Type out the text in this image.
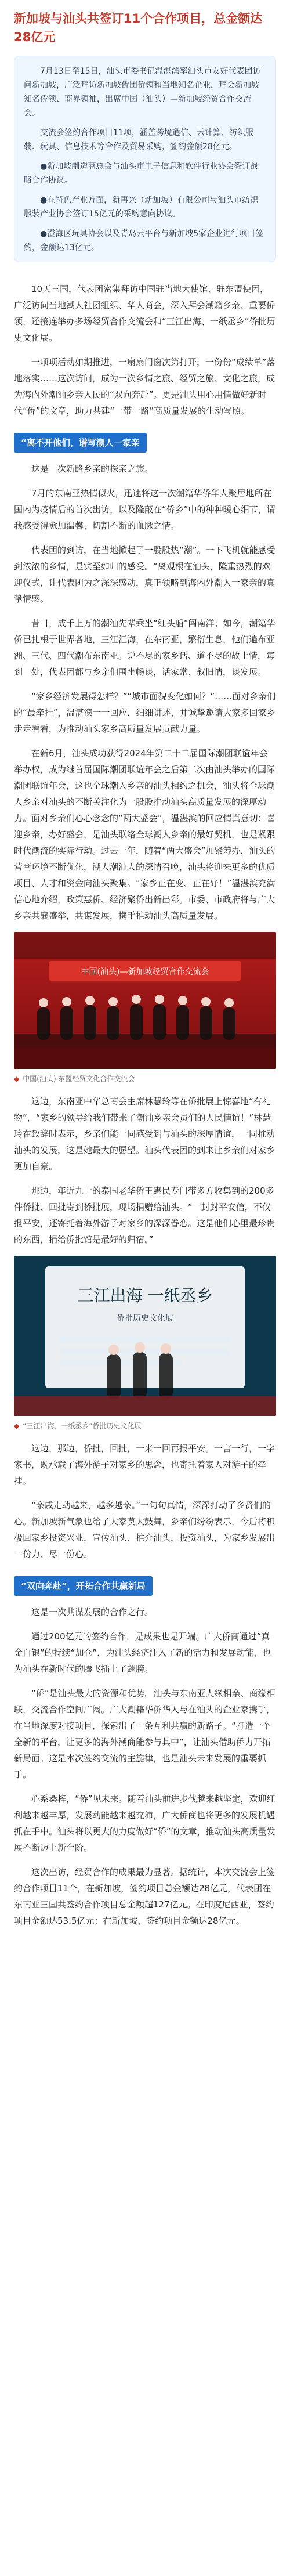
新加坡与汕头共签订11个合作项目，总金额达28亿元

7月13日至15日，汕头市委书记温湛滨率汕头市友好代表团访问新加坡，广泛拜访新加坡侨团侨领和当地知名企业，拜会新加坡知名侨领、商界领袖，出席中国（汕头）—新加坡经贸合作交流会。

交流会签约合作项目11项，涵盖跨境通信、云计算、纺织服装、玩具、信息技术等合作及贸易采购，签约金额28亿元。

●新加坡制造商总会与汕头市电子信息和软件行业协会签订战略合作协议。

●在特色产业方面，新再兴（新加坡）有限公司与汕头市纺织服装产业协会签订15亿元的采购意向协议。

●澄海区玩具协会以及青岛云平台与新加坡5家企业进行项目签约，金额达13亿元。

10天三国，代表团密集拜访中国驻当地大使馆、驻东盟使团，广泛访问当地潮人社团组织、华人商会，深入拜会潮籍乡亲、重要侨领，还接连举办多场经贸合作交流会和“三江出海、一纸丞乡”侨批历史文化展。

一项项活动如期推进，一扇扇门窗次第打开，一份份“成绩单”落地落实……这次访问，成为一次乡情之旅、经贸之旅、文化之旅，成为海内外潮汕乡亲人民的“双向奔赴”。更是汕头用心用情做好新时代“侨”的文章，助力共建“一带一路”高质量发展的生动写照。

“离不开他们，谱写潮人一家亲

这是一次新路乡亲的探亲之旅。

7月的东南亚热情似火，迅速将这一次潮籍华侨华人聚居地所在国内为疫情后的首次出访，以及隆蔽在“侨乡”中的种种暖心细节，谓我感受得愈加温馨、切割不断的血脉之情。

代表团的到访，在当地掀起了一股股热“潮”。一下飞机就能感受到浓浓的乡情，是宾至如归的感受。“离观根在汕头，隆重热烈的欢迎仪式，让代表团为之深深感动，真正领略到海内外潮人一家亲的真挚情感。

昔日，成千上万的潮汕先辈乘坐“红头船”闯南洋；如今，潮籍华侨已扎根于世界各地，三江汇海，在东南亚，繁衍生息，他们遍布亚洲、三代、四代潮布东南亚。说不尽的家乡话、道不尽的故土情，每到一处，代表团都与乡亲们围坐畅谈，话家常、叙旧情，谈发展。

“家乡经济发展得怎样？”“城市面貌变化如何？”……面对乡亲们的“最牵挂”，温湛滨一一回应，细细讲述，并诚挚邀请大家多回家乡走走看看，为推动汕头家乡高质量发展贡献力量。

在新6月，汕头成功获得2024年第二十二届国际潮团联谊年会举办权，成为继首届国际潮团联谊年会之后第二次由汕头举办的国际潮团联谊年会，这也全球潮人乡亲的汕头相约之机会，汕头将全球潮人乡亲对汕头的不断关注化为一股股推动汕头高质量发展的深厚动力。面对乡亲们心心念念的“两大盛会”，温湛滨的回应情真意切：喜迎乡亲，办好盛会，是汕头联络全球潮人乡亲的最好契机，也是紧跟时代潮流的实际行动。过去一年，随着“两大盛会”加紧筹办，汕头的营商环境不断优化，潮人潮汕人的深情召唤，汕头将迎来更多的优质项目、人才和资金向汕头聚集。“家乡正在变、正在好！”温湛滨充满信心地介绍，政策惠侨、经济聚侨出新出彩。市委、市政府将与广大乡亲共襄盛举，共谋发展，携手推动汕头高质量发展。

中国(汕头)—新加坡经贸合作交流会
◆ 中国(汕头)·东盟经贸文化合作交流会

这边，东南亚中华总商会主席林慧玲等在侨批展上惊喜地“有礼物”，“家乡的领导给我们带来了潮汕乡亲会员们的人民情谊！”林慧玲在致辞时表示，乡亲们能一同感受到与汕头的深厚情谊，一同推动汕头的发展，这是她最大的愿望。汕头代表团的到来让乡亲们对家乡更加自豪。

那边，年近九十的泰国老华侨王惠民专门带多方收集到的200多件侨批、回批寄到侨批展，现场捐赠给汕头。“一封封平安信，不仅报平安，还寄托着海外游子对家乡的深深眷恋。这是他们心里最珍贵的东西，捐给侨批馆是最好的归宿。”

三江出海 一纸丞乡
侨批历史文化展
◆ “三江出海，一纸丞乡”侨批历史文化展

这边，那边，侨批，回批，一来一回再报平安。一言一行，一字家书，既承载了海外游子对家乡的思念，也寄托着家人对游子的牵挂。

“亲戚走动越来，越多越亲。”一句句真情，深深打动了乡贤们的心。新加坡新气象也给了大家莫大鼓舞，乡亲们纷纷表示，今后将积极回家乡投资兴业，宣传汕头、推介汕头，投资汕头，为家乡发展出一份力、尽一份心。

“双向奔赴”，开拓合作共赢新局

这是一次共谋发展的合作之行。

通过200亿元的签约合作，是成果也是开端。广大侨商通过“真金白银”的持续“加仓”，为汕头经济注入了新的活力和发展动能，也为汕头在新时代的腾飞插上了翅膀。

“侨”是汕头最大的资源和优势。汕头与东南亚人缘相亲、商缘相联，交流合作空间广阔。广大潮籍华侨华人与在汕头的企业家携手，在当地深度对接项目，探索出了一条互利共赢的新路子。“打造一个全新的平台，让更多的海外潮商能参与其中”，让汕头借助侨力开拓新局面。这是本次签约交流的主旋律，也是汕头未来发展的重要抓手。

心系桑梓，“侨”见未来。随着汕头前进步伐越来越坚定，欢迎红利越来越丰厚，发展动能越来越充沛，广大侨商也将更多的发展机遇抓在手中。汕头将以更大的力度做好“侨”的文章，推动汕头高质量发展不断迈上新台阶。

这次出访，经贸合作的成果最为显著。据统计，本次交流会上签约合作项目11个，在新加坡，签约项目总金额达28亿元，代表团在东南亚三国共签约合作项目总金额超127亿元。在印度尼西亚，签约项目金额达53.5亿元；在新加坡，签约项目金额达28亿元。
